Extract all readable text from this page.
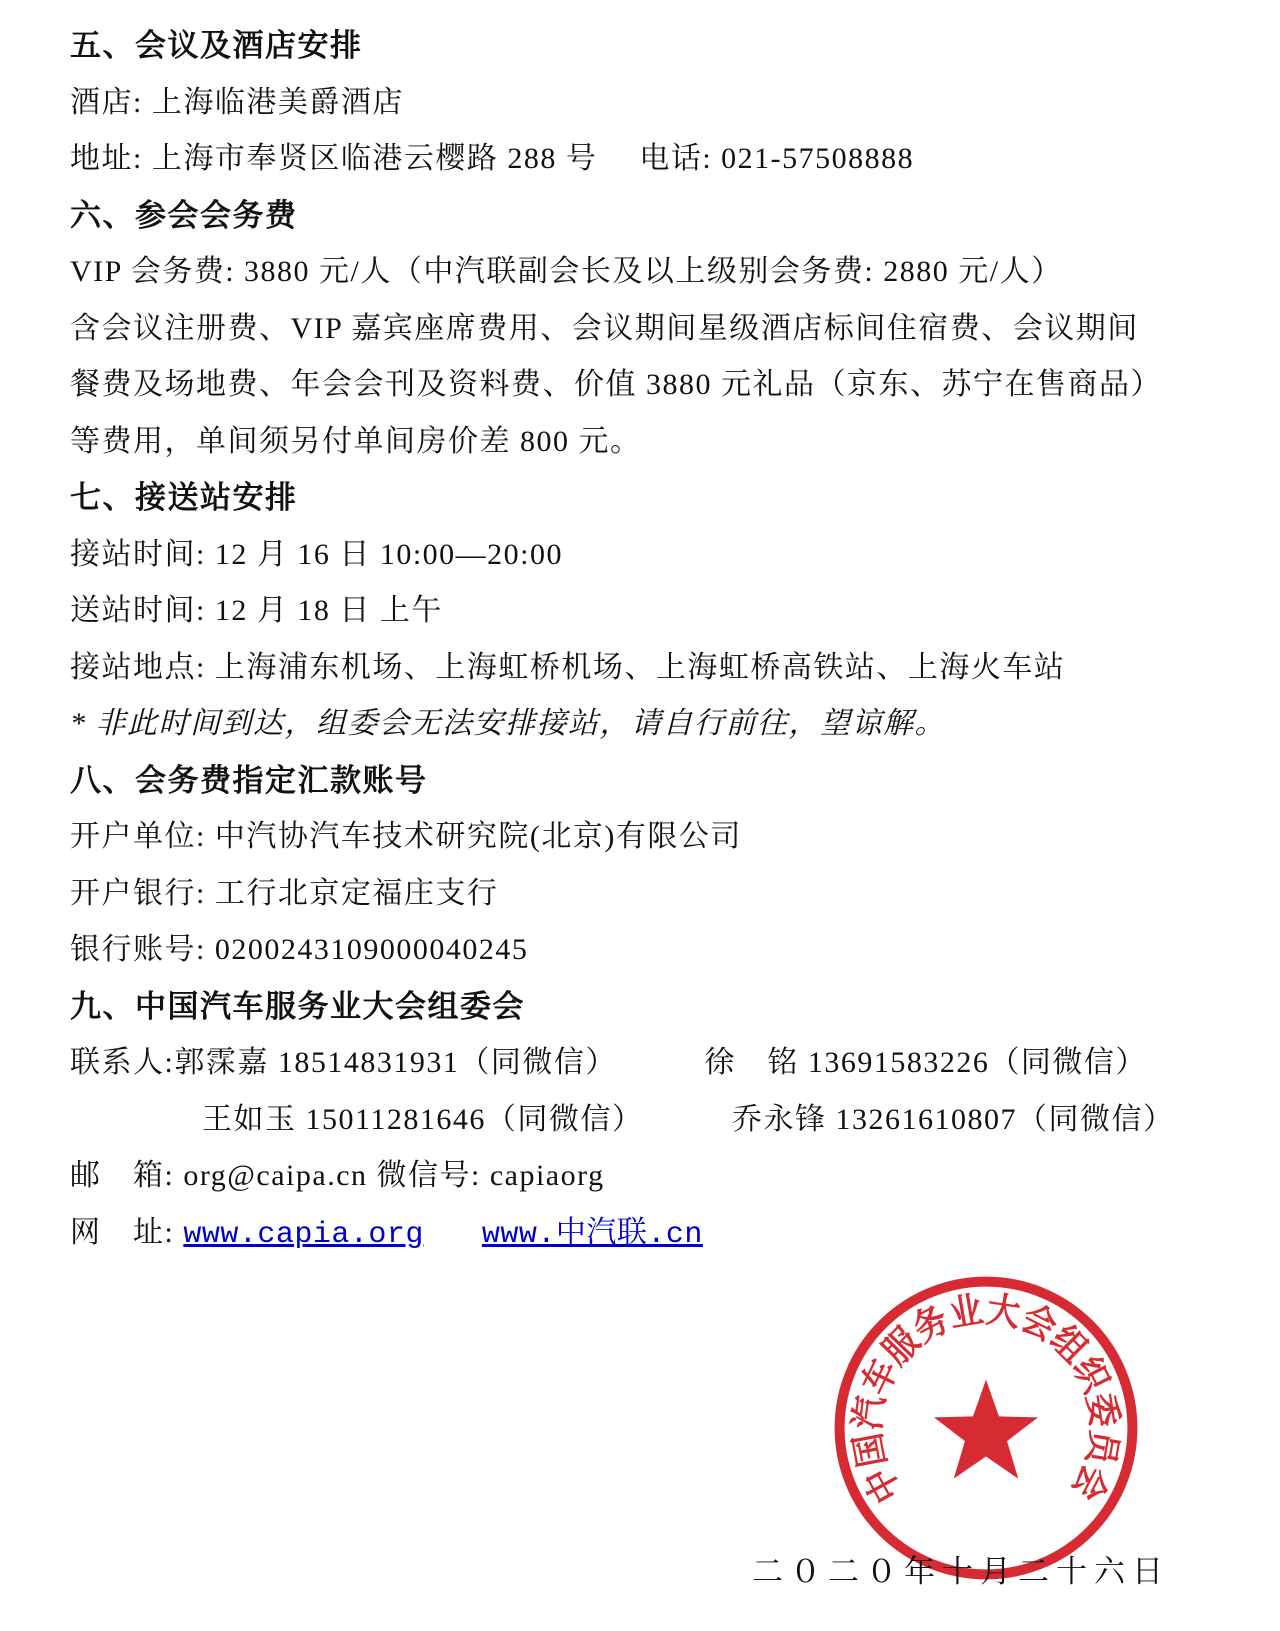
五、会议及酒店安排
酒店: 上海临港美爵酒店
地址: 上海市奉贤区临港云樱路 288 号 电话: 021-57508888
六、参会会务费
VIP 会务费: 3880 元/人（中汽联副会长及以上级别会务费: 2880 元/人）
含会议注册费、VIP 嘉宾座席费用、会议期间星级酒店标间住宿费、会议期间
餐费及场地费、年会会刊及资料费、价值 3880 元礼品（京东、苏宁在售商品）
等费用，单间须另付单间房价差 800 元。
七、接送站安排
接站时间: 12 月 16 日 10:00—20:00
送站时间: 12 月 18 日 上午
接站地点: 上海浦东机场、上海虹桥机场、上海虹桥高铁站、上海火车站
* 非此时间到达，组委会无法安排接站，请自行前往，望谅解。
八、会务费指定汇款账号
开户单位: 中汽协汽车技术研究院(北京)有限公司
开户银行: 工行北京定福庄支行
银行账号: 0200243109000040245
九、中国汽车服务业大会组委会
联系人:郭霂嘉 18514831931（同微信）	徐　铭 13691583226（同微信）
王如玉 15011281646（同微信）	乔永锋 13261610807（同微信）
邮　箱: org@caipa.cn 微信号: capiaorg
网　址: www.capia.org www.中汽联.cn
中国汽车服务业大会组织委员会
二０二０年十月二十六日
